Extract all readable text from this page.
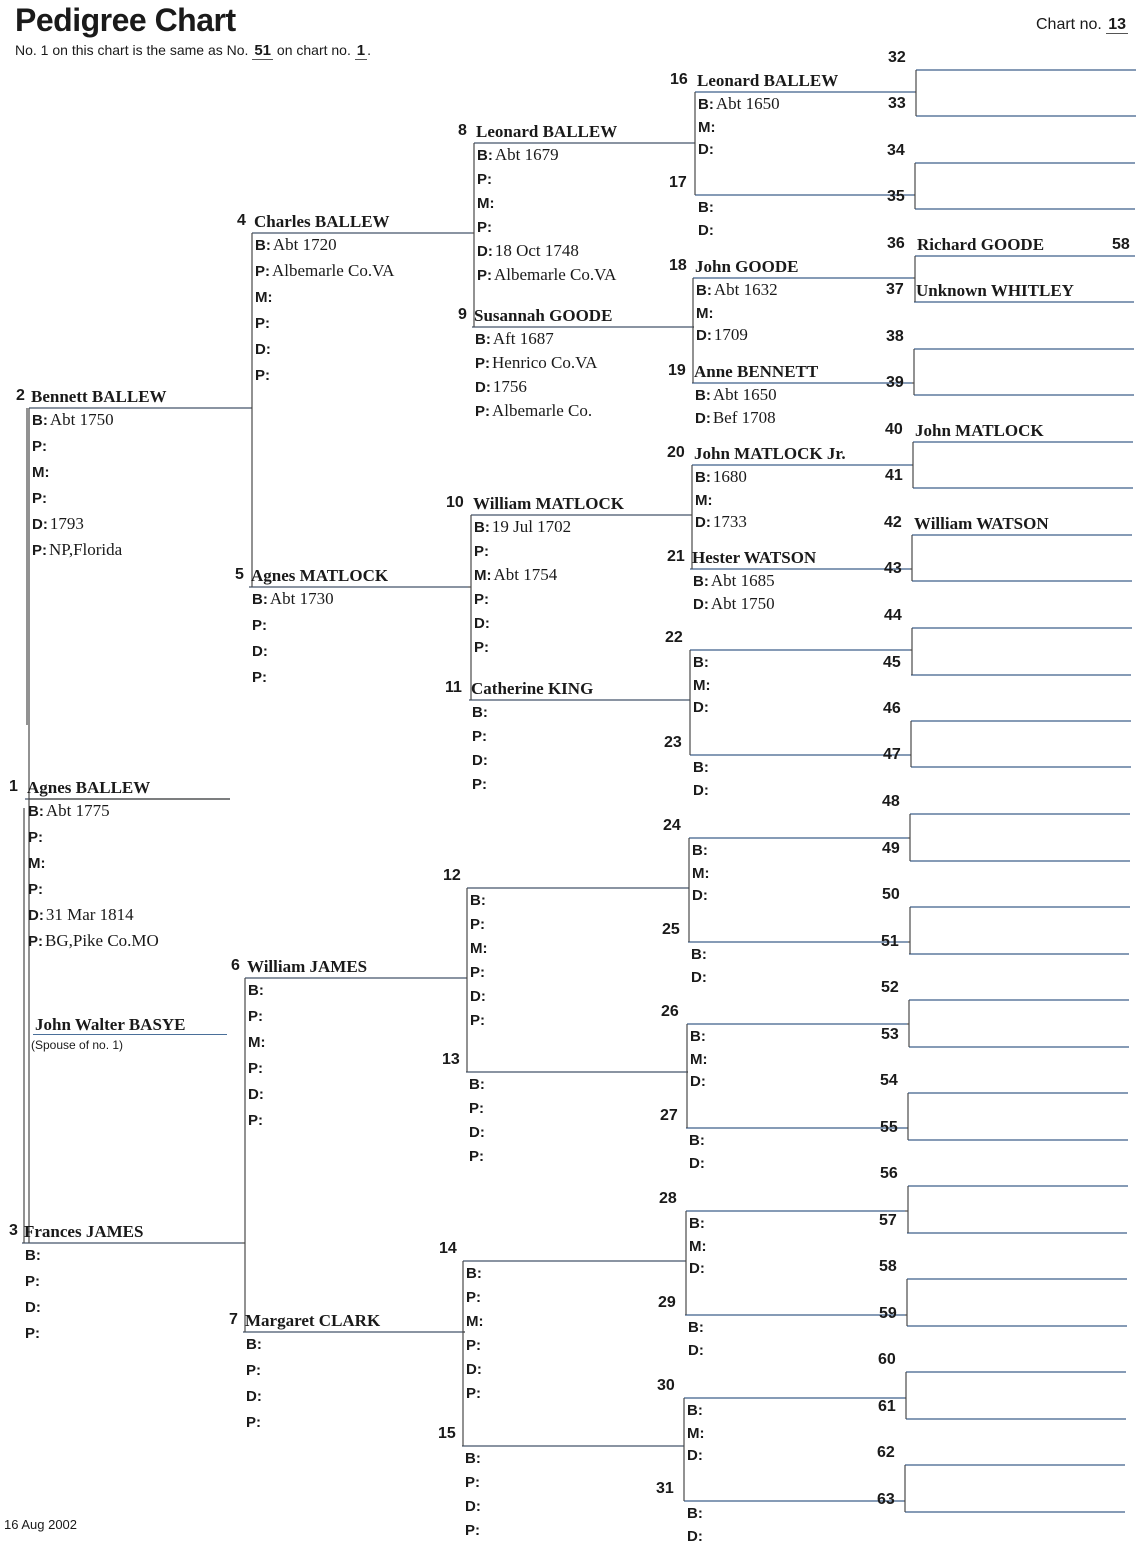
Pedigree Chart
No. 1 on this chart is the same as No. 51 on chart no. 1 .
Chart no. 13
1 Agnes BALLEW
B: Abt 1775
P:
M:
P:
D: 31 Mar 1814
P: BG,Pike Co.MO
2 Bennett BALLEW
B: Abt 1750
P:
M:
P:
D: 1793
P: NP,Florida
3 Frances JAMES
B:
P:
D:
P:
4 Charles BALLEW
B: Abt 1720
P: Albemarle Co.VA
M:
P:
D:
P:
5 Agnes MATLOCK
B: Abt 1730
P:
D:
P:
6 William JAMES
B:
P:
M:
P:
D:
P:
7 Margaret CLARK
B:
P:
D:
P:
8 Leonard BALLEW
B: Abt 1679
P:
M:
P:
D: 18 Oct 1748
P: Albemarle Co.VA
9 Susannah GOODE
B: Aft 1687
P: Henrico Co.VA
D: 1756
P: Albemarle Co.
10 William MATLOCK
B: 19 Jul 1702
P:
M: Abt 1754
P:
D:
P:
11 Catherine KING
B:
P:
D:
P:
12
B:
P:
M:
P:
D:
P:
13
B:
P:
D:
P:
14
B:
P:
M:
P:
D:
P:
15
B:
P:
D:
P:
16 Leonard BALLEW
B: Abt 1650
M:
D:
17
B:
D:
18 John GOODE
B: Abt 1632
M:
D: 1709
19 Anne BENNETT
B: Abt 1650
D: Bef 1708
20 John MATLOCK Jr.
B: 1680
M:
D: 1733
21 Hester WATSON
B: Abt 1685
D: Abt 1750
22
B:
M:
D:
23
B:
D:
24
B:
M:
D:
25
B:
D:
26
B:
M:
D:
27
B:
D:
28
B:
M:
D:
29
B:
D:
30
B:
M:
D:
31
B:
D:
32
33
34
35
36 Richard GOODE	58
37 Unknown WHITLEY
38
39
40 John MATLOCK
41
42 William WATSON
43
44
45
46
47
48
49
50
51
52
53
54
55
56
57
58
59
60
61
62
63
John Walter BASYE
(Spouse of no. 1)
16 Aug 2002
